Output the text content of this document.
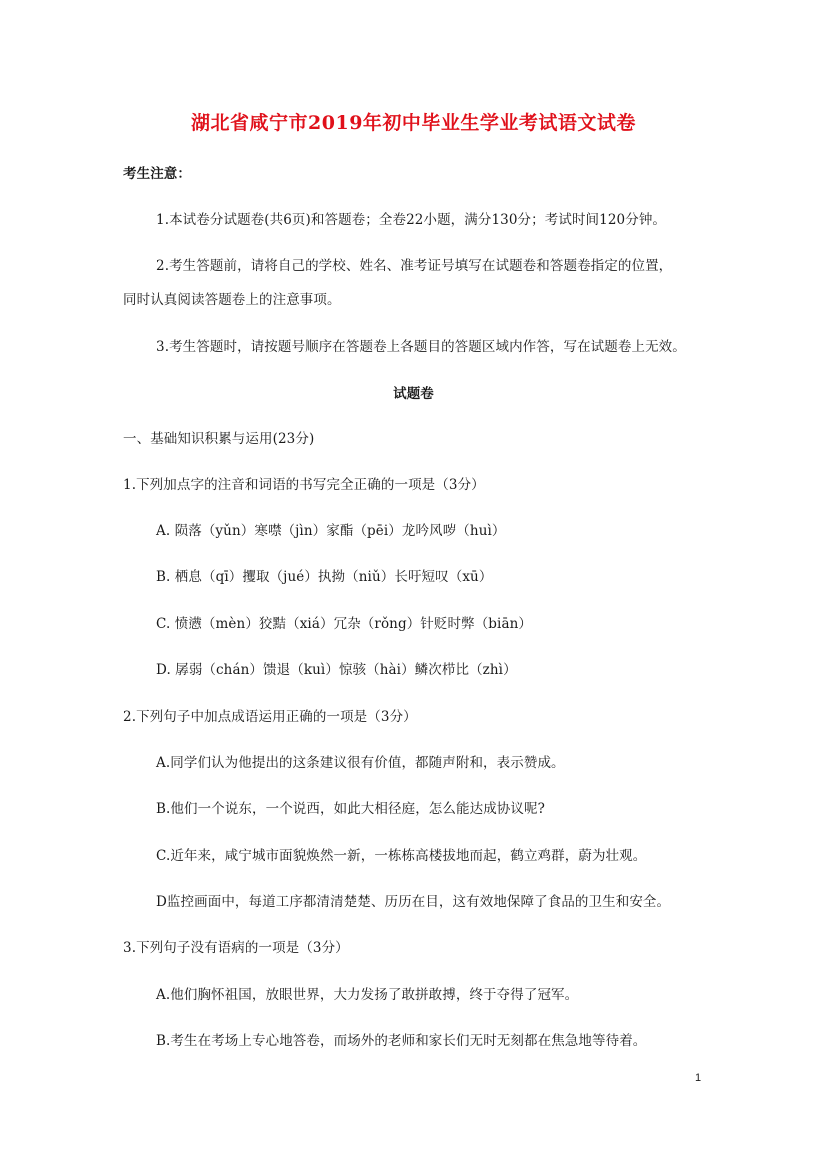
湖北省咸宁市2019年初中毕业生学业考试语文试卷
考生注意：
1.本试卷分试题卷(共6页)和答题卷；全卷22小题，满分130分；考试时间120分钟。
2.考生答题前，请将自己的学校、姓名、准考证号填写在试题卷和答题卷指定的位置，
同时认真阅读答题卷上的注意事项。
3.考生答题时，请按题号顺序在答题卷上各题目的答题区域内作答，写在试题卷上无效。
试题卷
一、基础知识积累与运用(23分)
1.下列加点字的注音和词语的书写完全正确的一项是（3分）
A. 陨落（yǔn）寒噤（jìn）家酯（pēi）龙吟风哕（huì）
B. 栖息（qī）攫取（jué）执拗（niǔ）长吁短叹（xū）
C. 愤懑（mèn）狡黠（xiá）冗杂（rǒng）针贬时弊（biān）
D. 孱弱（chán）馈退（kuì）惊骇（hài）鳞次栉比（zhì）
2.下列句子中加点成语运用正确的一项是（3分）
A.同学们认为他提出的这条建议很有价值，都随声附和，表示赞成。
B.他们一个说东，一个说西，如此大相径庭，怎么能达成协议呢?
C.近年来，咸宁城市面貌焕然一新，一栋栋高楼拔地而起，鹤立鸡群，蔚为壮观。
D监控画面中，每道工序都清清楚楚、历历在目，这有效地保障了食品的卫生和安全。
3.下列句子没有语病的一项是（3分）
A.他们胸怀祖国，放眼世界，大力发扬了敢拼敢搏，终于夺得了冠军。
B.考生在考场上专心地答卷，而场外的老师和家长们无时无刻都在焦急地等待着。
1
